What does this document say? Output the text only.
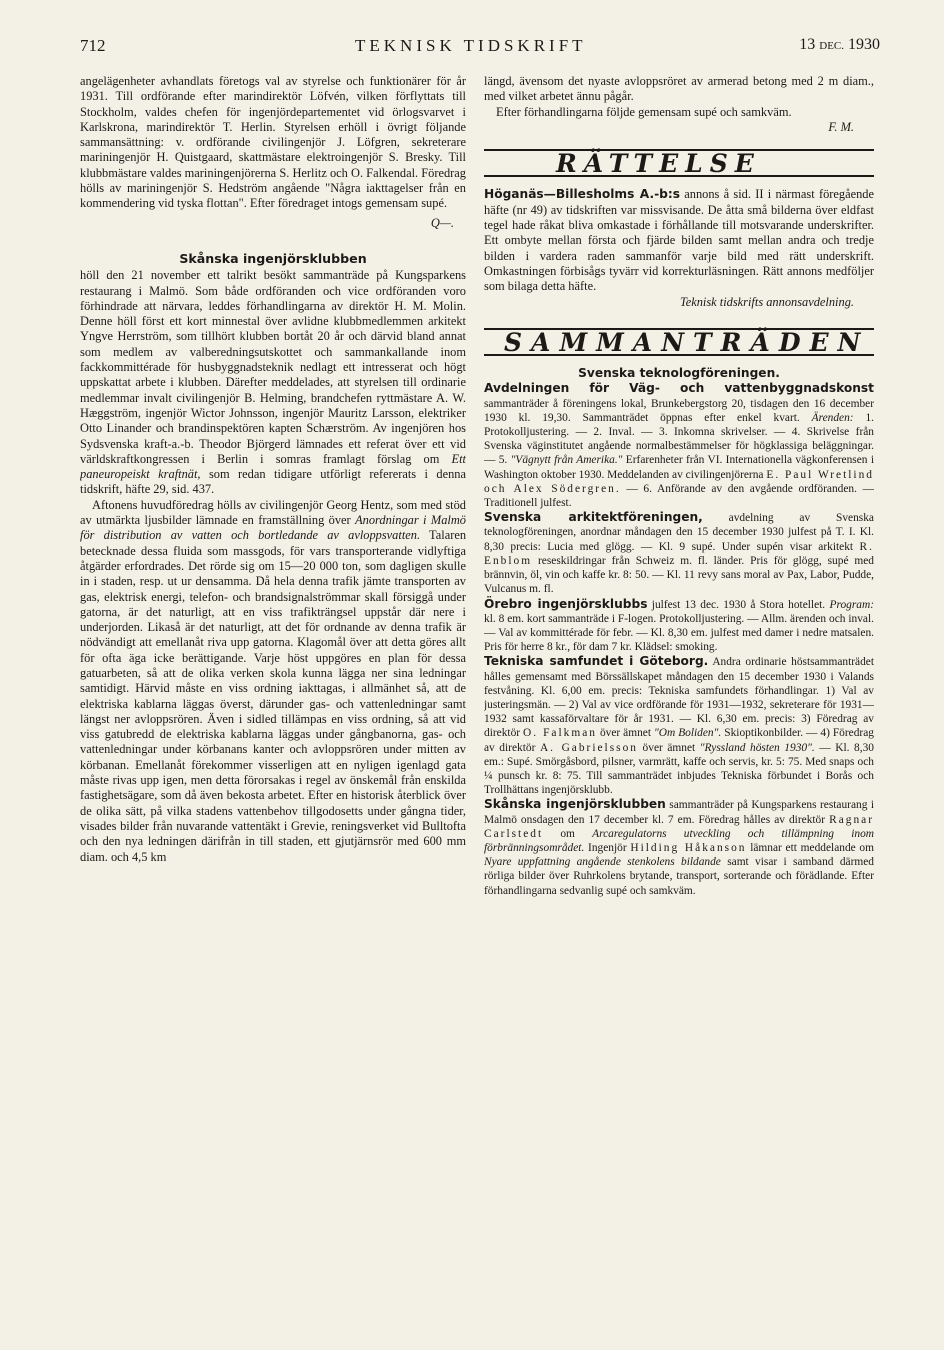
712	TEKNISK TIDSKRIFT	13 DEC. 1930

angelägenheter avhandlats företogs val av styrelse och funktionärer för år 1931. Till ordförande efter marindirektör Löfvén, vilken förflyttats till Stockholm, valdes chefen för ingenjördepartementet vid örlogsvarvet i Karlskrona, marindirektör T. Herlin. Styrelsen erhöll i övrigt följande sammansättning: v. ordförande civilingenjör J. Löfgren, sekreterare mariningenjör H. Quistgaard, skattmästare elektroingenjör S. Bresky. Till klubbmästare valdes mariningenjörerna S. Herlitz och O. Falkendal. Föredrag hölls av mariningenjör S. Hedström angående "Några iakttagelser från en kommendering vid tyska flottan". Efter föredraget intogs gemensam supé.

Q—.
Skånska ingenjörsklubben

höll den 21 november ett talrikt besökt sammanträde på Kungsparkens restaurang i Malmö. Som både ordföranden och vice ordföranden voro förhindrade att närvara, leddes förhandlingarna av direktör H. M. Molin. Denne höll först ett kort minnestal över avlidne klubbmedlemmen arkitekt Yngve Herrström, som tillhört klubben bortåt 20 år och därvid bland annat som medlem av valberedningsutskottet och sammankallande inom fackkommittérade för husbyggnadsteknik nedlagt ett intresserat och högt uppskattat arbete i klubben. Därefter meddelades, att styrelsen till ordinarie medlemmar invalt civilingenjör B. Helming, brandchefen ryttmästare A. W. Hæggström, ingenjör Wictor Johnsson, ingenjör Mauritz Larsson, elektriker Otto Linander och brandinspektören kapten Schærström. Av ingenjören hos Sydsvenska kraft-a.-b. Theodor Björgerd lämnades ett referat över ett vid världskraftkongressen i Berlin i somras framlagt förslag om Ett paneuropeiskt kraftnät, som redan tidigare utförligt refererats i denna tidskrift, häfte 29, sid. 437.

Aftonens huvudföredrag hölls av civilingenjör Georg Hentz, som med stöd av utmärkta ljusbilder lämnade en framställning över Anordningar i Malmö för distribution av vatten och bortledande av avloppsvatten. Talaren betecknade dessa fluida som massgods, för vars transporterande vidlyftiga åtgärder erfordrades. Det rörde sig om 15—20 000 ton, som dagligen skulle in i staden, resp. ut ur densamma. Då hela denna trafik jämte transporten av gas, elektrisk energi, telefon- och brandsignalströmmar skall försiggå under gatorna, är det naturligt, att en viss trafikträngsel uppstår där nere i underjorden. Likaså är det naturligt, att det för ordnande av denna trafik är nödvändigt att emellanåt riva upp gatorna. Klagomål över att detta göres allt för ofta äga icke berättigande. Varje höst uppgöres en plan för dessa gatuarbeten, så att de olika verken skola kunna lägga ner sina ledningar samtidigt. Härvid måste en viss ordning iakttagas, i allmänhet så, att de elektriska kablarna läggas överst, därunder gas- och vattenledningar samt längst ner avloppsrören. Även i sidled tillämpas en viss ordning, så att vid viss gatubredd de elektriska kablarna läggas under gångbanorna, gas- och vattenledningar under körbanans kanter och avloppsrören under mitten av körbanan. Emellanåt förekommer visserligen att en nyligen igenlagd gata måste rivas upp igen, men detta förorsakas i regel av önskemål från enskilda fastighetsägare, som då även bekosta arbetet. Efter en historisk återblick över de olika sätt, på vilka stadens vattenbehov tillgodosetts under gångna tider, visades bilder från nuvarande vattentäkt i Grevie, reningsverket vid Bulltofta och den nya ledningen därifrån in till staden, ett gjutjärnsrör med 600 mm diam. och 4,5 km

längd, ävensom det nyaste avloppsröret av armerad betong med 2 m diam., med vilket arbetet ännu pågår.

Efter förhandlingarna följde gemensam supé och samkväm.

F. M.
RÄTTELSE

Höganäs—Billesholms A.-b:s annons å sid. II i närmast föregående häfte (nr 49) av tidskriften var missvisande. De åtta små bilderna över eldfast tegel hade råkat bliva omkastade i förhållande till motsvarande underskrifter. Ett ombyte mellan första och fjärde bilden samt mellan andra och tredje bilden i vardera raden sammanför varje bild med rätt underskrift. Omkastningen förbisågs tyvärr vid korrekturläsningen. Rätt annons medföljer som bilaga detta häfte.

Teknisk tidskrifts annonsavdelning.
SAMMANTRÄDEN
Svenska teknologföreningen.

Avdelningen för Väg- och vattenbyggnadskonst sammanträder å föreningens lokal, Brunkebergstorg 20, tisdagen den 16 december 1930 kl. 19,30. Sammanträdet öppnas efter enkel kvart. Ärenden: 1. Protokolljustering. — 2. Inval. — 3. Inkomna skrivelser. — 4. Skrivelse från Svenska väginstitutet angående normalbestämmelser för högklassiga beläggningar. — 5. "Vägnytt från Amerika." Erfarenheter från VI. Internationella vägkonferensen i Washington oktober 1930. Meddelanden av civilingenjörerna E. Paul Wretlind och Alex Södergren. — 6. Anförande av den avgående ordföranden. — Traditionell julfest.

Svenska arkitektföreningen, avdelning av Svenska teknologföreningen, anordnar måndagen den 15 december 1930 julfest på T. I. Kl. 8,30 precis: Lucia med glögg. — Kl. 9 supé. Under supén visar arkitekt R. Enblom reseskildringar från Schweiz m. fl. länder. Pris för glögg, supé med brännvin, öl, vin och kaffe kr. 8: 50. — Kl. 11 revy sans moral av Pax, Labor, Pudde, Vulcanus m. fl.

Örebro ingenjörsklubbs julfest 13 dec. 1930 å Stora hotellet. Program: kl. 8 em. kort sammanträde i F-logen. Protokolljustering. — Allm. ärenden och inval. — Val av kommittérade för febr. — Kl. 8,30 em. julfest med damer i nedre matsalen. Pris för herre 8 kr., för dam 7 kr. Klädsel: smoking.

Tekniska samfundet i Göteborg. Andra ordinarie höstsammanträdet hålles gemensamt med Börssällskapet måndagen den 15 december 1930 i Valands festvåning. Kl. 6,00 em. precis: Tekniska samfundets förhandlingar. 1) Val av justeringsmän. — 2) Val av vice ordförande för 1931—1932, sekreterare för 1931—1932 samt kassaförvaltare för år 1931. — Kl. 6,30 em. precis: 3) Föredrag av direktör O. Falkman över ämnet "Om Boliden". Skioptikonbilder. — 4) Föredrag av direktör A. Gabrielsson över ämnet "Ryssland hösten 1930". — Kl. 8,30 em.: Supé. Smörgåsbord, pilsner, varmrätt, kaffe och servis, kr. 5: 75. Med snaps och ¼ punsch kr. 8: 75. Till sammanträdet inbjudes Tekniska förbundet i Borås och Trollhättans ingenjörsklubb.

Skånska ingenjörsklubben sammanträder på Kungsparkens restaurang i Malmö onsdagen den 17 december kl. 7 em. Föredrag hålles av direktör Ragnar Carlstedt om Arcaregulatorns utveckling och tillämpning inom förbränningsområdet. Ingenjör Hilding Håkanson lämnar ett meddelande om Nyare uppfattning angående stenkolens bildande samt visar i samband därmed rörliga bilder över Ruhrkolens brytande, transport, sorterande och förädlande. Efter förhandlingarna sedvanlig supé och samkväm.
